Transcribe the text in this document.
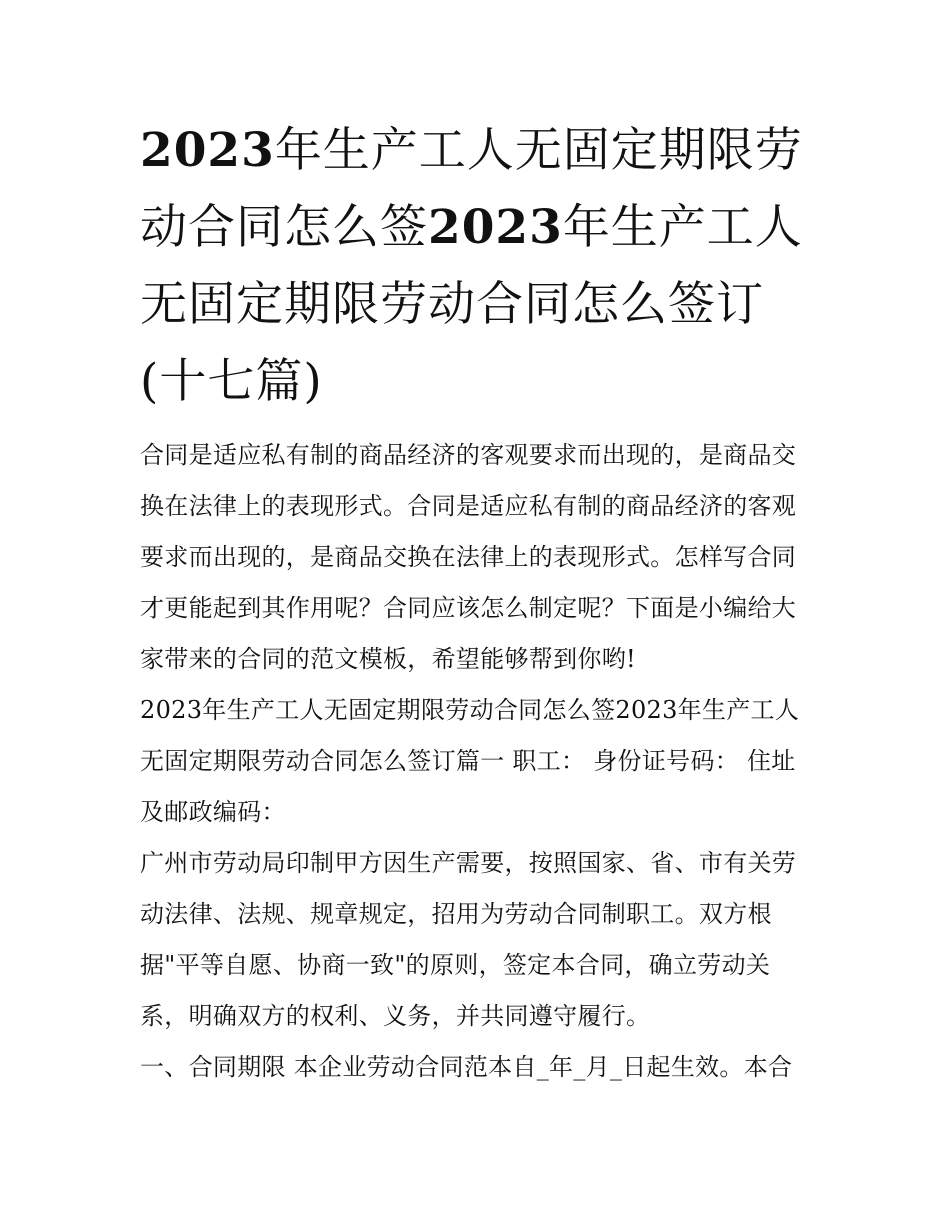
2023年生产工人无固定期限劳动合同怎么签2023年生产工人无固定期限劳动合同怎么签订(十七篇)

合同是适应私有制的商品经济的客观要求而出现的，是商品交换在法律上的表现形式。合同是适应私有制的商品经济的客观要求而出现的，是商品交换在法律上的表现形式。怎样写合同才更能起到其作用呢？合同应该怎么制定呢？下面是小编给大家带来的合同的范文模板，希望能够帮到你哟!

2023年生产工人无固定期限劳动合同怎么签2023年生产工人无固定期限劳动合同怎么签订篇一 职工： 身份证号码： 住址及邮政编码：

广州市劳动局印制甲方因生产需要，按照国家、省、市有关劳动法律、法规、规章规定，招用为劳动合同制职工。双方根据"平等自愿、协商一致"的原则，签定本合同，确立劳动关系，明确双方的权利、义务，并共同遵守履行。

一、合同期限 本企业劳动合同范本自_年_月_日起生效。本合
